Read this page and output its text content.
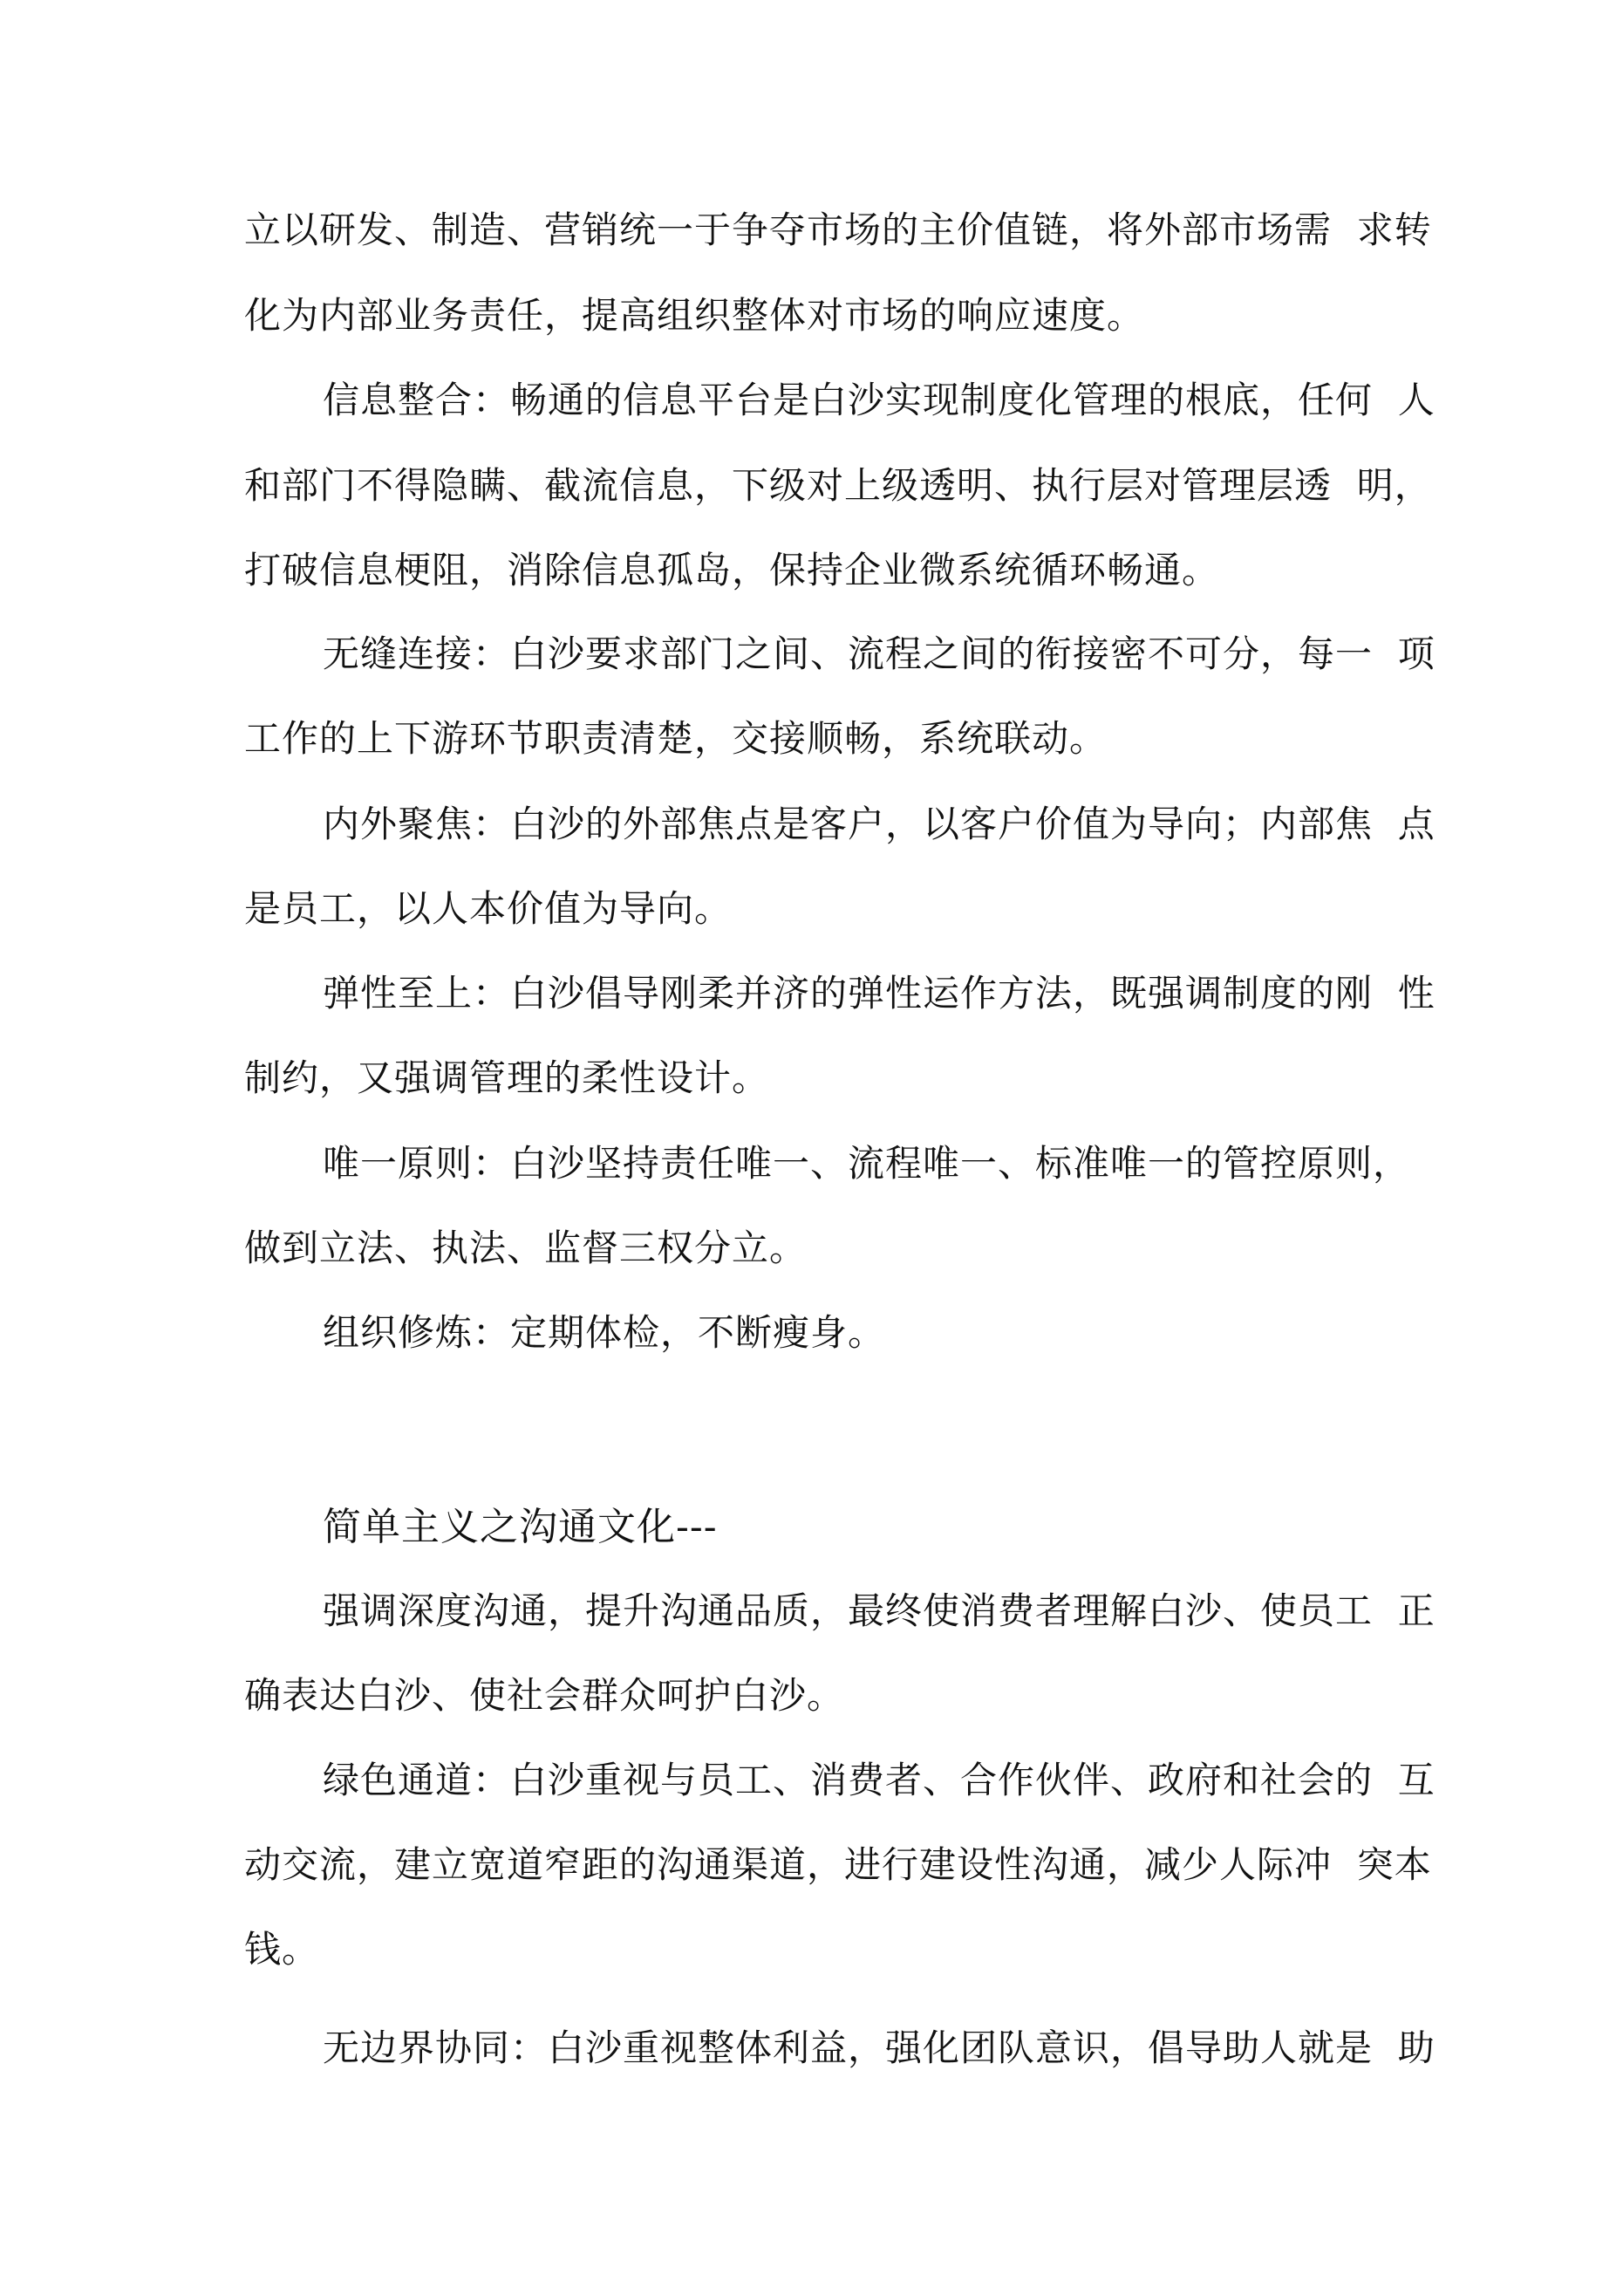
立以研发、制造、营销统一于争夺市场的主价值链，将外部市场需  求转
化为内部业务责任，提高组织整体对市场的响应速度。
信息整合：畅通的信息平台是白沙实现制度化管理的根底，任何  人
和部门不得隐瞒、截流信息，下级对上级透明、执行层对管理层透  明，
打破信息梗阻，消除信息孤岛，保持企业微系统循环畅通。
无缝连接：白沙要求部门之间、流程之间的衔接密不可分，每一  项
工作的上下游环节职责清楚，交接顺畅，系统联动。
内外聚焦：白沙的外部焦点是客户，以客户价值为导向；内部焦  点
是员工，以人本价值为导向。
弹性至上：白沙倡导刚柔并济的弹性运作方法，既强调制度的刚  性
制约，又强调管理的柔性设计。
唯一原则：白沙坚持责任唯一、流程唯一、标准唯一的管控原则，
做到立法、执法、监督三权分立。
组织修炼：定期体检，不断瘦身。
简单主义之沟通文化---
强调深度沟通，提升沟通品质，最终使消费者理解白沙、使员工  正
确表达白沙、使社会群众呵护白沙。
绿色通道：白沙重视与员工、消费者、合作伙伴、政府和社会的  互
动交流，建立宽道窄距的沟通渠道，进行建设性沟通，减少人际冲  突本
钱。
无边界协同：白沙重视整体利益，强化团队意识，倡导助人就是  助
